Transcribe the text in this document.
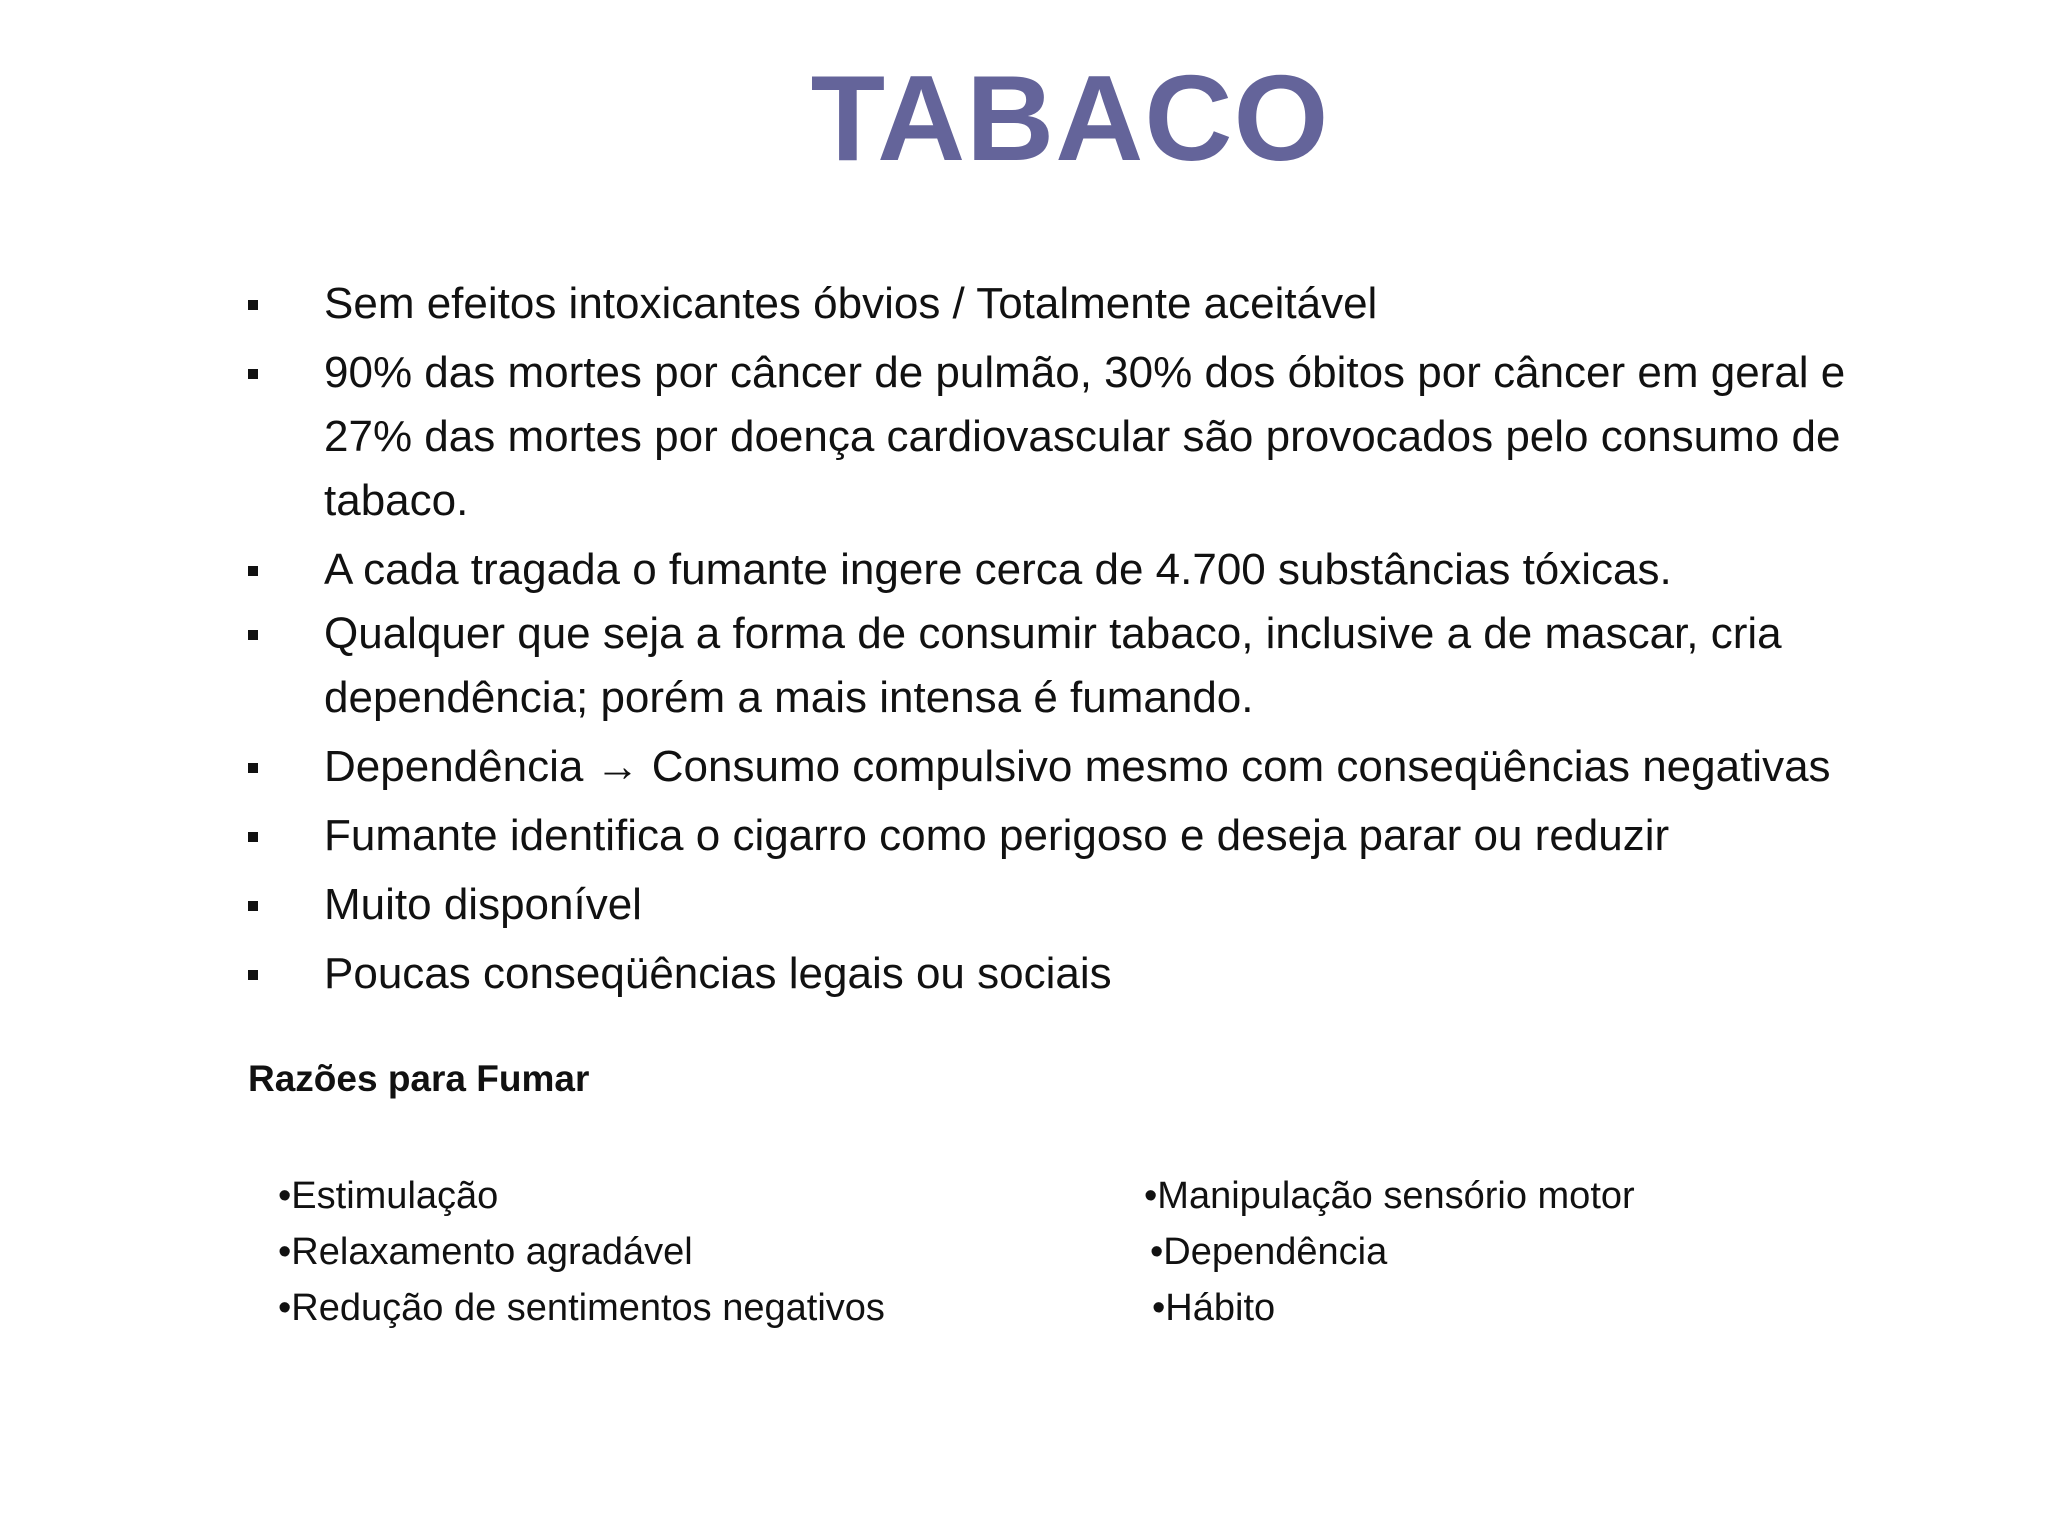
TABACO
Sem efeitos intoxicantes óbvios / Totalmente aceitável
90% das mortes por câncer de pulmão, 30% dos óbitos por câncer em geral e 27% das mortes por doença cardiovascular são provocados pelo consumo de tabaco.
A cada tragada o fumante ingere cerca de 4.700 substâncias tóxicas.
Qualquer que seja a forma de consumir tabaco, inclusive a de mascar, cria dependência; porém a mais intensa é fumando.
Dependência → Consumo compulsivo mesmo com conseqüências negativas
Fumante identifica o cigarro como perigoso e deseja parar ou reduzir
Muito disponível
Poucas conseqüências legais ou sociais
Razões para Fumar
•Estimulação
•Relaxamento agradável
•Redução de sentimentos negativos
•Manipulação sensório motor
•Dependência
•Hábito
